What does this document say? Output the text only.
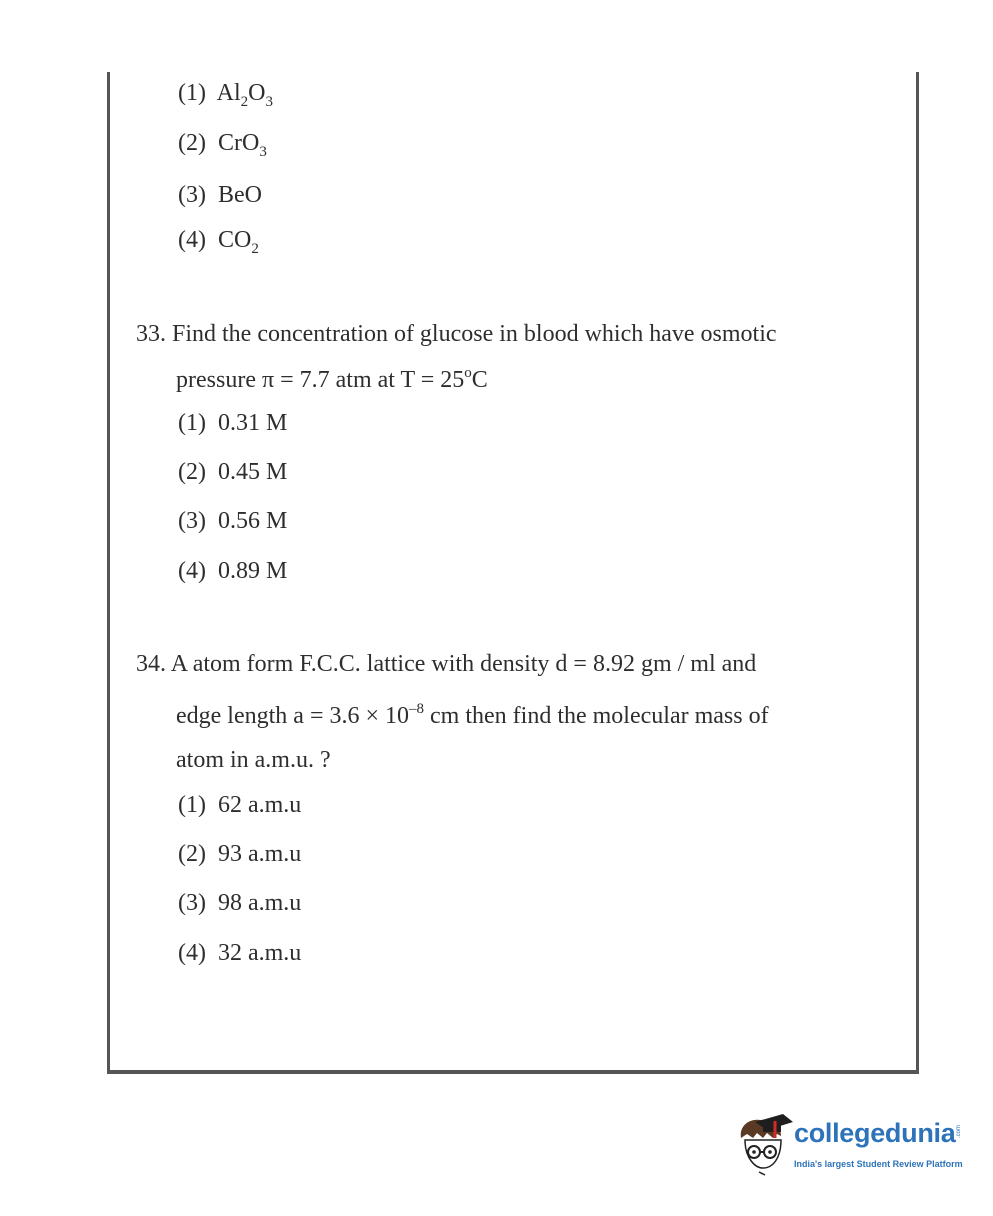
(1) $Al_2O_3$
(2) CrO$_3$
(3) BeO
(4) $CO_2$
33. Find the concentration of glucose in blood which have osmotic
pressure π = 7.7 atm at $T = 25^oC$
(1) 0.31 M
(2) 0.45 M
(3) 0.56 M
(4) 0.89 M
34. A atom form F.C.C. lattice with density d = 8.92 gm / ml and
edge length $a = 3.6 \times 10^{-8}$ cm then find the molecular mass of
atom in a.m.u. ?
(1) 62 a.m.u
(2) 93 a.m.u
(3) 98 a.m.u
(4) 32 a.m.u
collegedunia .com
India's largest Student Review Platform
